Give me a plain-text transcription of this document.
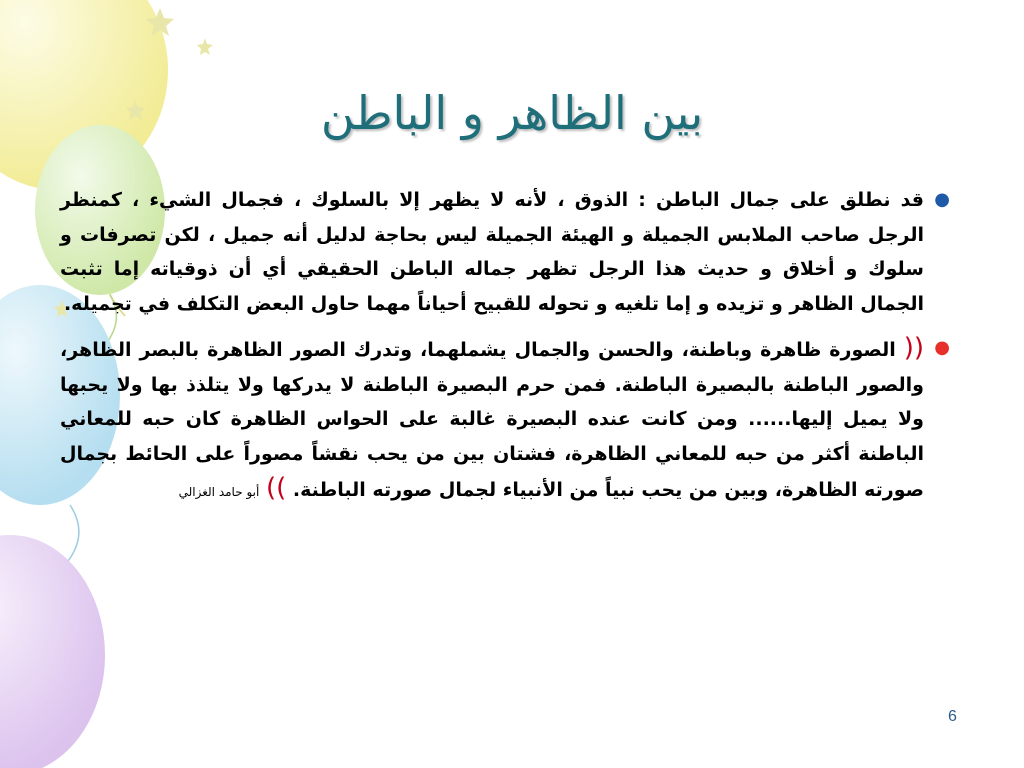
بين الظاهر و الباطن
●
قد نطلق على جمال الباطن : الذوق ، لأنه لا يظهر إلا بالسلوك ، فجمال الشيء ، كمنظر الرجل صاحب الملابس الجميلة و الهيئة الجميلة ليس بحاجة لدليل أنه جميل ، لكن تصرفات و سلوك و أخلاق و حديث هذا الرجل تظهر جماله الباطن الحقيقي أي أن ذوقياته إما تثبت الجمال الظاهر و تزيده و إما تلغيه و تحوله للقبيح أحياناً مهما حاول البعض التكلف في تجميله.
●
(( الصورة ظاهرة وباطنة، والحسن والجمال يشملهما، وتدرك الصور الظاهرة بالبصر الظاهر، والصور الباطنة بالبصيرة الباطنة. فمن حرم البصيرة الباطنة لا يدركها ولا يتلذذ بها ولا يحبها ولا يميل إليها...... ومن كانت عنده البصيرة غالبة على الحواس الظاهرة كان حبه للمعاني الباطنة أكثر من حبه للمعاني الظاهرة، فشتان بين من يحب نقشاً مصوراً على الحائط بجمال صورته الظاهرة، وبين من يحب نبياً من الأنبياء لجمال صورته الباطنة. )) أبو حامد الغزالي
6
